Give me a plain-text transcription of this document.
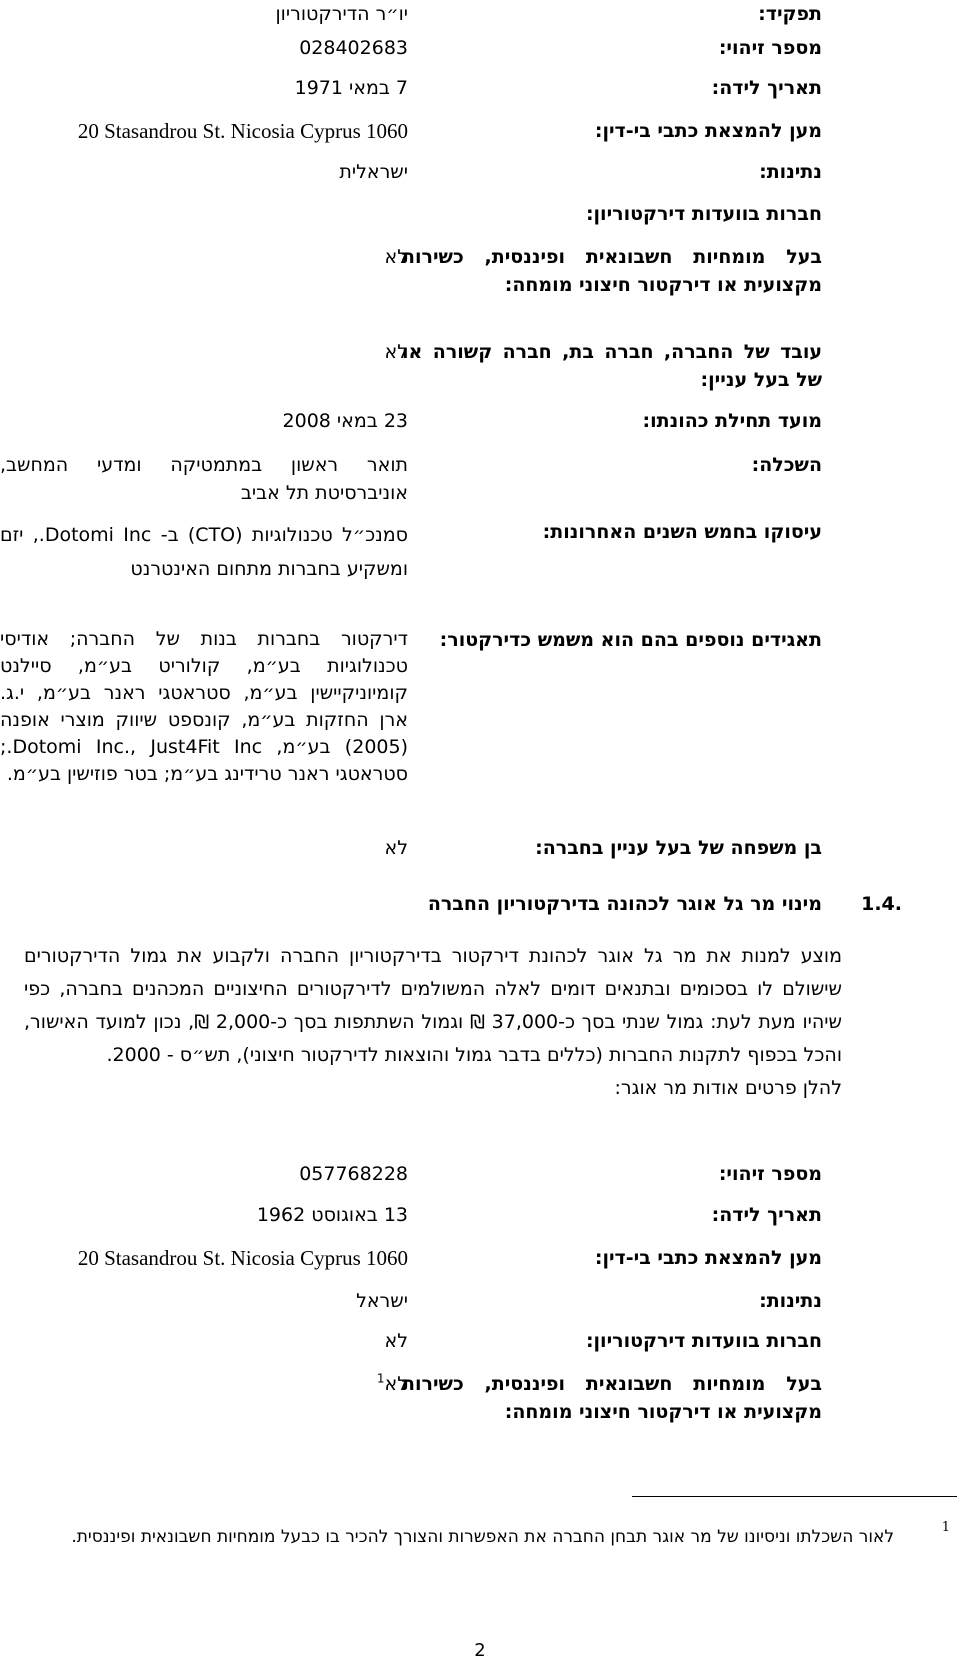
תפקיד:
יו״ר הדירקטוריון
מספר זיהוי:
028402683
תאריך לידה:
7 במאי 1971
מען להמצאת כתבי בי-דין:
20 Stasandrou St. Nicosia Cyprus 1060
נתינות:
ישראלית
חברות בוועדות דירקטוריון:
בעל מומחיות חשבונאית ופיננסית, כשירות מקצועית או דירקטור חיצוני מומחה:
לא
עובד של החברה, חברה בת, חברה קשורה או של בעל עניין:
לא
מועד תחילת כהונתו:
23 במאי 2008
השכלה:
תואר ראשון במתמטיקה ומדעי המחשב, אוניברסיטת תל אביב
עיסוקו בחמש השנים האחרונות:
סמנכ״ל טכנולוגיות (CTO) ב- Dotomi Inc., יזם ומשקיע בחברות מתחום האינטרנט
תאגידים נוספים בהם הוא משמש כדירקטור:
דירקטור בחברות בנות של החברה; אודיסי טכנולוגיות בע״מ, קולוריט בע״מ, סיילנט קומיוניקיישין בע״מ, סטראטגי ראנר בע״מ, י.ג. ארן החזקות בע״מ, קונספט שיווק מוצרי אופנה (2005) בע״מ, Dotomi Inc., Just4Fit Inc.; סטראטגי ראנר טרידינג בע״מ; בטר פוזישין בע״מ.
בן משפחה של בעל עניין בחברה:
לא
.1.4
מינוי מר גל אוגר לכהונה בדירקטוריון החברה
מוצע למנות את מר גל אוגר לכהונת דירקטור בדירקטוריון החברה ולקבוע את גמול הדירקטורים שישולם לו בסכומים ובתנאים דומים לאלה המשולמים לדירקטורים החיצוניים המכהנים בחברה, כפי שיהיו מעת לעת: גמול שנתי בסך כ-37,000 ₪ וגמול השתתפות בסך כ-2,000 ₪, נכון למועד האישור, והכל בכפוף לתקנות החברות (כללים בדבר גמול והוצאות לדירקטור חיצוני), תש״ס - 2000.
להלן פרטים אודות מר אוגר:
מספר זיהוי:
057768228
תאריך לידה:
13 באוגוסט 1962
מען להמצאת כתבי בי-דין:
20 Stasandrou St. Nicosia Cyprus 1060
נתינות:
ישראל
חברות בוועדות דירקטוריון:
לא
בעל מומחיות חשבונאית ופיננסית, כשירות מקצועית או דירקטור חיצוני מומחה:
לא$^1$
1
לאור השכלתו וניסיונו של מר אוגר תבחן החברה את האפשרות והצורך להכיר בו כבעל מומחיות חשבונאית ופיננסית.
2
